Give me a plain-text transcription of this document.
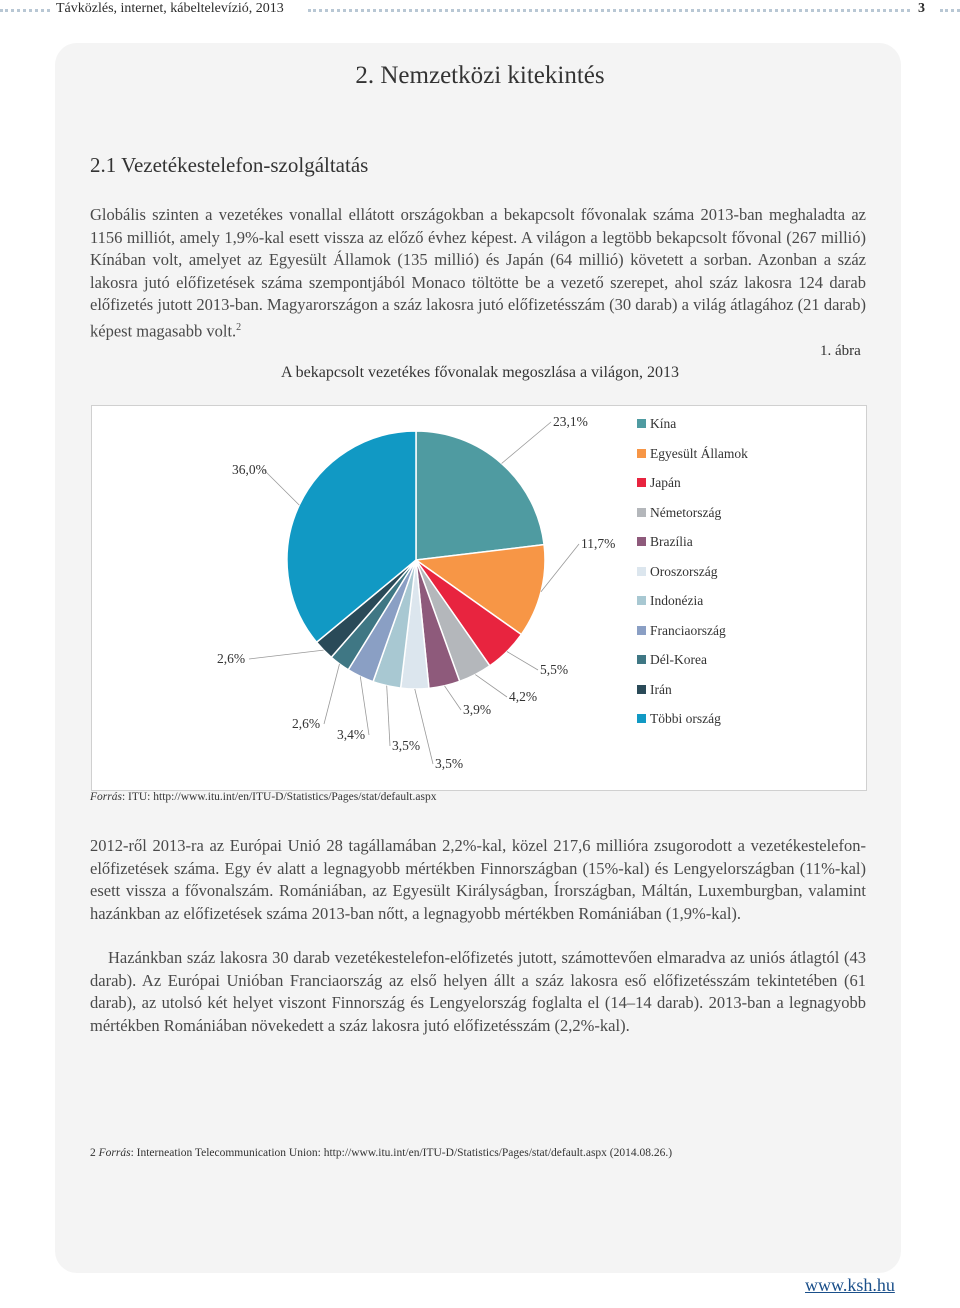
Távközlés, internet, kábeltelevízió, 2013	3
2. Nemzetközi kitekintés
2.1 Vezetékestelefon-szolgáltatás

Globális szinten a vezetékes vonallal ellátott országokban a bekapcsolt fővonalak száma 2013-ban meghaladta az 1156 milliót, amely 1,9%-kal esett vissza az előző évhez képest. A világon a legtöbb bekapcsolt fővonal (267 millió) Kínában volt, amelyet az Egyesült Államok (135 millió) és Japán (64 millió) követett a sorban. Azonban a száz lakosra jutó előfizetések száma szempontjából Monaco töltötte be a vezető szerepet, ahol száz lakosra 124 darab előfizetés jutott 2013-ban. Magyarországon a száz lakosra jutó előfizetésszám (30 darab) a világ átlagához (21 darab) képest magasabb volt.$^2$

1. ábra
A bekapcsolt vezetékes fővonalak megoszlása a világon, 2013
23,1%
11,7%
5,5%
4,2%
3,9%
3,5%
3,5%
3,4%
2,6%
2,6%
36,0%
Kína
Egyesült Államok
Japán
Németország
Brazília
Oroszország
Indonézia
Franciaország
Dél-Korea
Irán
Többi ország
Forrás: ITU: http://www.itu.int/en/ITU-D/Statistics/Pages/stat/default.aspx

2012-ről 2013-ra az Európai Unió 28 tagállamában 2,2%-kal, közel 217,6 millióra zsugorodott a vezetékestelefon-előfizetések száma. Egy év alatt a legnagyobb mértékben Finnországban (15%-kal) és Lengyelországban (11%-kal) esett vissza a fővonalszám. Romániában, az Egyesült Királyságban, Írországban, Máltán, Luxemburgban, valamint hazánkban az előfizetések száma 2013-ban nőtt, a legnagyobb mértékben Romániában (1,9%-kal).

Hazánkban száz lakosra 30 darab vezetékestelefon-előfizetés jutott, számottevően elmaradva az uniós átlagtól (43 darab). Az Európai Unióban Franciaország az első helyen állt a száz lakosra eső előfizetésszám tekintetében (61 darab), az utolsó két helyet viszont Finnország és Lengyelország foglalta el (14–14 darab). 2013-ban a legnagyobb mértékben Romániában növekedett a száz lakosra jutó előfizetésszám (2,2%-kal).

2 Forrás: Interneation Telecommunication Union: http://www.itu.int/en/ITU-D/Statistics/Pages/stat/default.aspx (2014.08.26.)
www.ksh.hu
